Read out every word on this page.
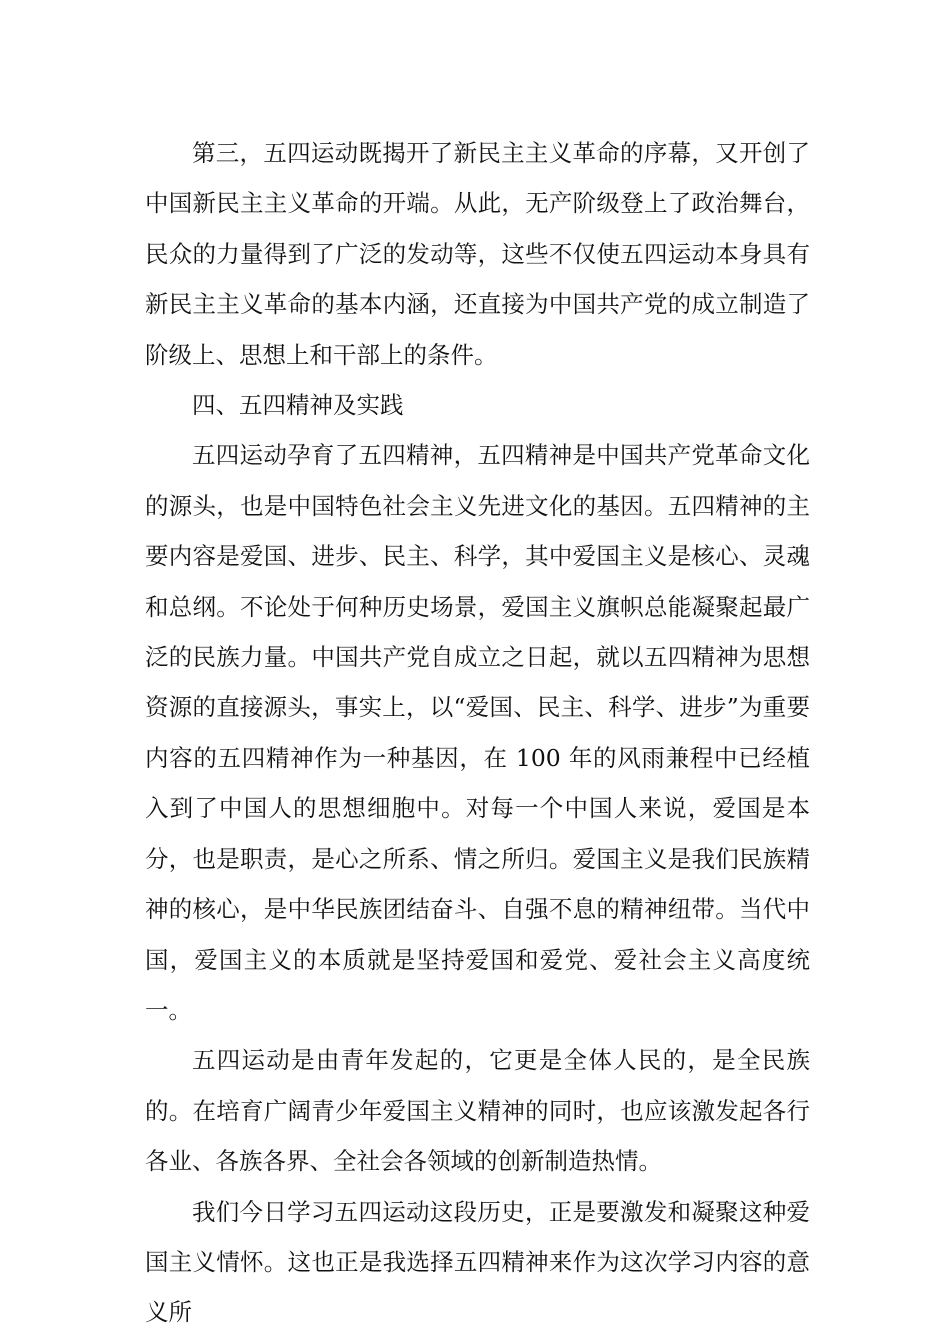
第三，五四运动既揭开了新民主主义革命的序幕，又开创了中国新民主主义革命的开端。从此，无产阶级登上了政治舞台，民众的力量得到了广泛的发动等，这些不仅使五四运动本身具有新民主主义革命的基本内涵，还直接为中国共产党的成立制造了阶级上、思想上和干部上的条件。

四、五四精神及实践

五四运动孕育了五四精神，五四精神是中国共产党革命文化的源头，也是中国特色社会主义先进文化的基因。五四精神的主要内容是爱国、进步、民主、科学，其中爱国主义是核心、灵魂和总纲。不论处于何种历史场景，爱国主义旗帜总能凝聚起最广泛的民族力量。中国共产党自成立之日起，就以五四精神为思想资源的直接源头，事实上，以“爱国、民主、科学、进步”为重要内容的五四精神作为一种基因，在 100 年的风雨兼程中已经植入到了中国人的思想细胞中。对每一个中国人来说，爱国是本分，也是职责，是心之所系、情之所归。爱国主义是我们民族精神的核心，是中华民族团结奋斗、自强不息的精神纽带。当代中国，爱国主义的本质就是坚持爱国和爱党、爱社会主义高度统一。

五四运动是由青年发起的，它更是全体人民的，是全民族的。在培育广阔青少年爱国主义精神的同时，也应该激发起各行各业、各族各界、全社会各领域的创新制造热情。

我们今日学习五四运动这段历史，正是要激发和凝聚这种爱国主义情怀。这也正是我选择五四精神来作为这次学习内容的意义所
